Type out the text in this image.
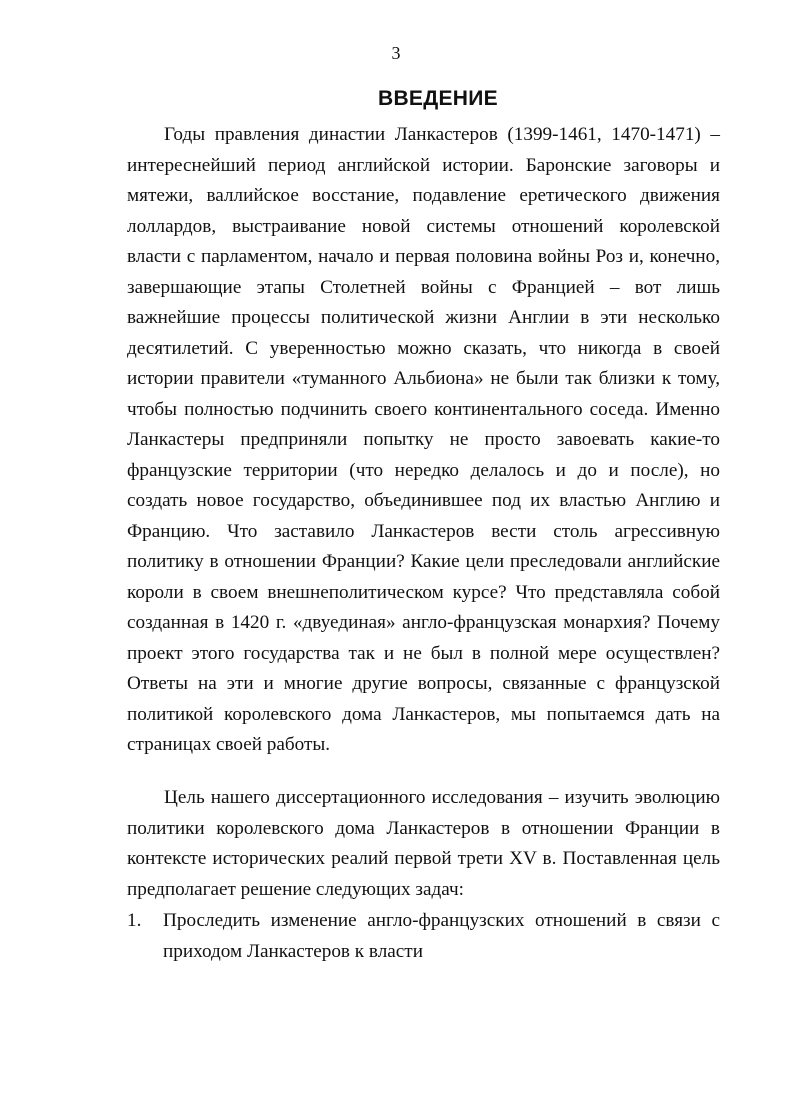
3
ВВЕДЕНИЕ

Годы правления династии Ланкастеров (1399-1461, 1470-1471) – интереснейший период английской истории. Баронские заговоры и мятежи, валлийское восстание, подавление еретического движения лоллардов, выстраивание новой системы отношений королевской власти с парламентом, начало и первая половина войны Роз и, конечно, завершающие этапы Столетней войны с Францией – вот лишь важнейшие процессы политической жизни Англии в эти несколько десятилетий. С уверенностью можно сказать, что никогда в своей истории правители «туманного Альбиона» не были так близки к тому, чтобы полностью подчинить своего континентального соседа. Именно Ланкастеры предприняли попытку не просто завоевать какие-то французские территории (что нередко делалось и до и после), но создать новое государство, объединившее под их властью Англию и Францию. Что заставило Ланкастеров вести столь агрессивную политику в отношении Франции? Какие цели преследовали английские короли в своем внешнеполитическом курсе? Что представляла собой созданная в 1420 г. «двуединая» англо-французская монархия? Почему проект этого государства так и не был в полной мере осуществлен? Ответы на эти и многие другие вопросы, связанные с французской политикой королевского дома Ланкастеров, мы попытаемся дать на страницах своей работы.

Цель нашего диссертационного исследования – изучить эволюцию политики королевского дома Ланкастеров в отношении Франции в контексте исторических реалий первой трети XV в. Поставленная цель предполагает решение следующих задач:

1. Проследить изменение англо-французских отношений в связи с приходом Ланкастеров к власти
